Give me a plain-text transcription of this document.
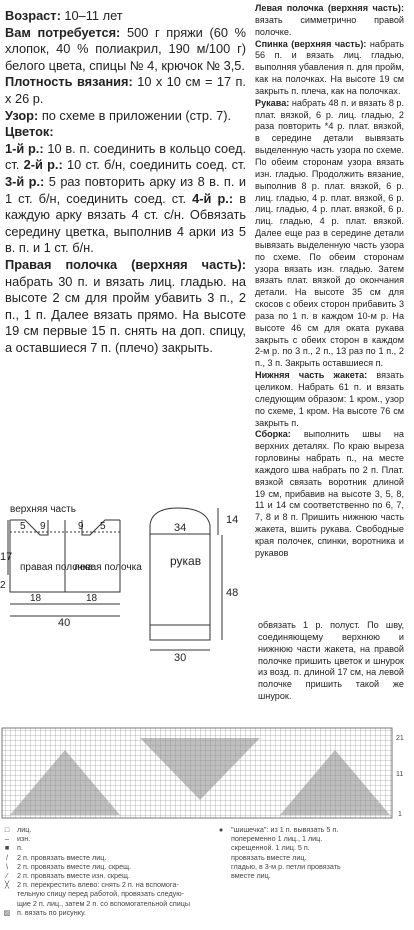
Возраст: 10–11 лет

Вам потребуется: 500 г пряжи (60 % хлопок, 40 % полиакрил, 190 м/100 г) белого цвета, спицы № 4, крючок № 3,5.

Плотность вязания: 10 х 10 см = 17 п. х 26 р.

Узор: по схеме в приложении (стр. 7).

Цветок:

1-й р.: 10 в. п. соединить в кольцо соед. ст. 2-й р.: 10 ст. б/н, соединить соед. ст. 3-й р.: 5 раз повторить арку из 8 в. п. и 1 ст. б/н, соединить соед. ст. 4-й р.: в каждую арку вязать 4 ст. с/н. Обвязать середину цветка, выполнив 4 арки из 5 в. п. и 1 ст. б/н.

Правая полочка (верхняя часть): набрать 30 п. и вязать лиц. гладью. на высоте 2 см для пройм убавить 3 п., 2 п., 1 п. Далее вязать прямо. На высоте 19 см первые 15 п. снять на доп. спицу, а оставшиеся 7 п. (плечо) закрыть.

Левая полочка (верхняя часть): вязать симметрично правой полочке.

Спинка (верхняя часть): набрать 56 п. и вязать лиц. гладью, выполняя убавления п. для пройм, как на полочках. На высоте 19 см закрыть п. плеча, как на полочках.

Рукава: набрать 48 п. и вязать 8 р. плат. вязкой, 6 р. лиц. гладью, 2 раза повторить *4 р. плат. вязкой, в середине детали вывязать выделенную часть узора по схеме. По обеим сторонам узора вязать изн. гладью. Продолжить вязание, выполнив 8 р. плат. вязкой, 6 р. лиц. гладью, 4 р. плат. вязкой, 6 р. лиц. гладью, 4 р. плат. вязкой, 6 р. лиц. гладью, 4 р. плат. вязкой. Далее еще раз в середине детали вывязать выделенную часть узора по схеме. По обеим сторонам узора вязать изн. гладью. Затем вязать плат. вязкой до окончания детали. На высоте 35 см для скосов с обеих сторон прибавить 3 раза по 1 п. в каждом 10-м р. На высоте 46 см для оката рукава закрыть с обеих сторон в каждом 2-м р. по 3 п., 2 п., 13 раз по 1 п., 2 п., 3 п. Закрыть оставшиеся п.

Нижняя часть жакета: вязать целиком. Набрать 61 п. и вязать следующим образом: 1 кром., узор по схеме, 1 кром. На высоте 76 см закрыть п.

Сборка: выполнить швы на верхних деталях. По краю выреза горловины набрать п., на месте каждого шва набрать по 2 п. Плат. вязкой связать воротник длиной 19 см, прибавив на высоте 3, 5, 8, 11 и 14 см соответственно по 6, 7, 7, 8 и 8 п. Пришить нижнюю часть жакета, вшить рукава. Свободные края полочек, спинки, воротника и рукавов

верхняя часть
5 9	9 5
17
2
правая полочка
левая полочка
18	18
40
34
14
рукав
48
30
обвязать 1 р. полуст. По шву, соединяющему верхнюю и нижнюю части жакета, на правой полочке пришить цветок и шнурок из возд. п. длиной 17 см, на левой полочке пришить такой же шнурок.
21
11
1
□	лиц.
–	изн.
■	п.
/	2 п. провязать вместе лиц.
\	2 п. провязать вместе лиц. скрещ.
⁄	2 п. провязать вместе изн. скрещ.
╳	2 п. перекрестить влево: снять 2 п. на вспомога-
тельную спицу перед работой, провязать следую-
щие 2 п. лиц., затем 2 п. со вспомогательной спицы
▨ п. вязать по рисунку.
●	"шишечка": из 1 п. вывязать 5 п.
попеременно 1 лиц., 1 лиц.
скрещенной. 1 лиц. 5 п.
провязать вместе лиц.
гладью, в 3-м р. петли провязать
вместе лиц.
